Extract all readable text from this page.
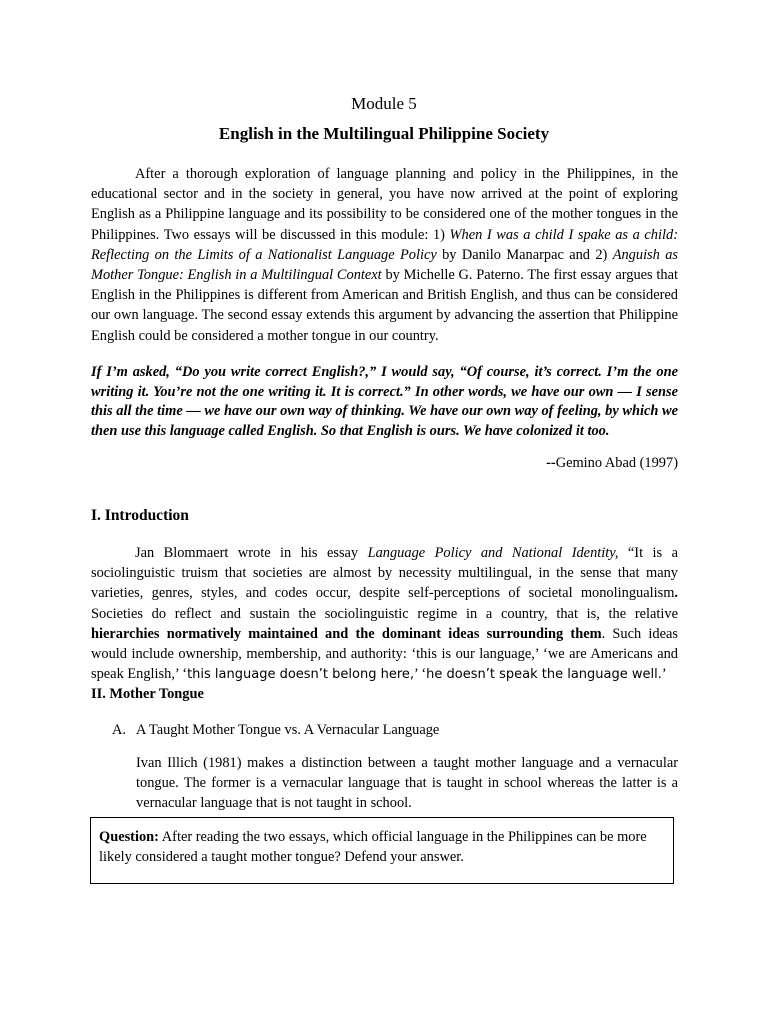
Module 5
English in the Multilingual Philippine Society

After a thorough exploration of language planning and policy in the Philippines, in the educational sector and in the society in general, you have now arrived at the point of exploring English as a Philippine language and its possibility to be considered one of the mother tongues in the Philippines. Two essays will be discussed in this module: 1) When I was a child I spake as a child: Reflecting on the Limits of a Nationalist Language Policy by Danilo Manarpac and 2) Anguish as Mother Tongue: English in a Multilingual Context by Michelle G. Paterno. The first essay argues that English in the Philippines is different from American and British English, and thus can be considered our own language. The second essay extends this argument by advancing the assertion that Philippine English could be considered a mother tongue in our country.

If I’m asked, “Do you write correct English?,” I would say, “Of course, it’s correct. I’m the one writing it. You’re not the one writing it. It is correct.” In other words, we have our own — I sense this all the time — we have our own way of thinking. We have our own way of feeling, by which we then use this language called English. So that English is ours. We have colonized it too.

--Gemino Abad (1997)
I. Introduction

Jan Blommaert wrote in his essay Language Policy and National Identity, “It is a sociolinguistic truism that societies are almost by necessity multilingual, in the sense that many varieties, genres, styles, and codes occur, despite self-perceptions of societal monolingualism. Societies do reflect and sustain the sociolinguistic regime in a country, that is, the relative hierarchies normatively maintained and the dominant ideas surrounding them. Such ideas would include ownership, membership, and authority: ‘this is our language,’ ‘we are Americans and speak English,’ ‘this language doesn’t belong here,’ ‘he doesn’t speak the language well.’

II. Mother Tongue
A. A Taught Mother Tongue vs. A Vernacular Language

Ivan Illich (1981) makes a distinction between a taught mother language and a vernacular tongue. The former is a vernacular language that is taught in school whereas the latter is a vernacular language that is not taught in school.

Question: After reading the two essays, which official language in the Philippines can be more likely considered a taught mother tongue? Defend your answer.
